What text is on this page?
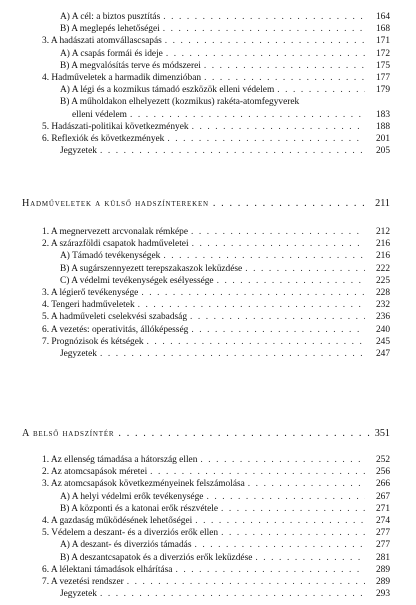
A) A cél: a biztos pusztítás . . .	164
B) A meglepés lehetőségei . . .	168
3. A hadászati atomvállascsapás . . .	171
A) A csapás formái és ideje . . .	172
B) A megvalósítás terve és módszerei . . .	175
4. Hadműveletek a harmadik dimenzióban . . .	177
A) A légi és a kozmikus támadó eszközök elleni védelem . . .	179
B) A műholdakon elhelyezett (kozmikus) rakéta-atomfegyverek
elleni védelem . . .	183
5. Hadászati-politikai következmények . . .	188
6. Reflexiók és következmények . . .	201
Jegyzetek . . .	205
Hadműveletek a külső hadszíntereken . . .	211
1. A megnervezett arcvonalak rémképe . . .	212
2. A szárazföldi csapatok hadműveletei . . .	216
A) Támadó tevékenységek . . .	216
B) A sugárszennyezett terepszakaszok leküzdése . . .	222
C) A védelmi tevékenységek esélyessége . . .	225
3. A légierő tevékenysége . . .	228
4. Tengeri hadműveletek . . .	232
5. A hadműveleti cselekvési szabadság . . .	236
6. A vezetés: operativitás, állóképesség . . .	240
7. Prognózisok és kétségek . . .	245
Jegyzetek . . .	247
A belső hadszíntér . . .	351
1. Az ellenség támadása a hátország ellen . . .	252
2. Az atomcsapások méretei . . .	256
3. Az atomcsapások következményeinek felszámolása . . .	266
A) A helyi védelmi erők tevékenysége . . .	267
B) A központi és a katonai erők részvétele . . .	271
4. A gazdaság működésének lehetőségei . . .	274
5. Védelem a deszant- és a diverziós erők ellen . . .	277
A) A deszant- és diverziós támadás . . .	277
B) A deszantcsapatok és a diverziós erők leküzdése . . .	281
6. A lélektani támadások elhárítása . . .	289
7. A vezetési rendszer . . .	289
Jegyzetek . . .	293
